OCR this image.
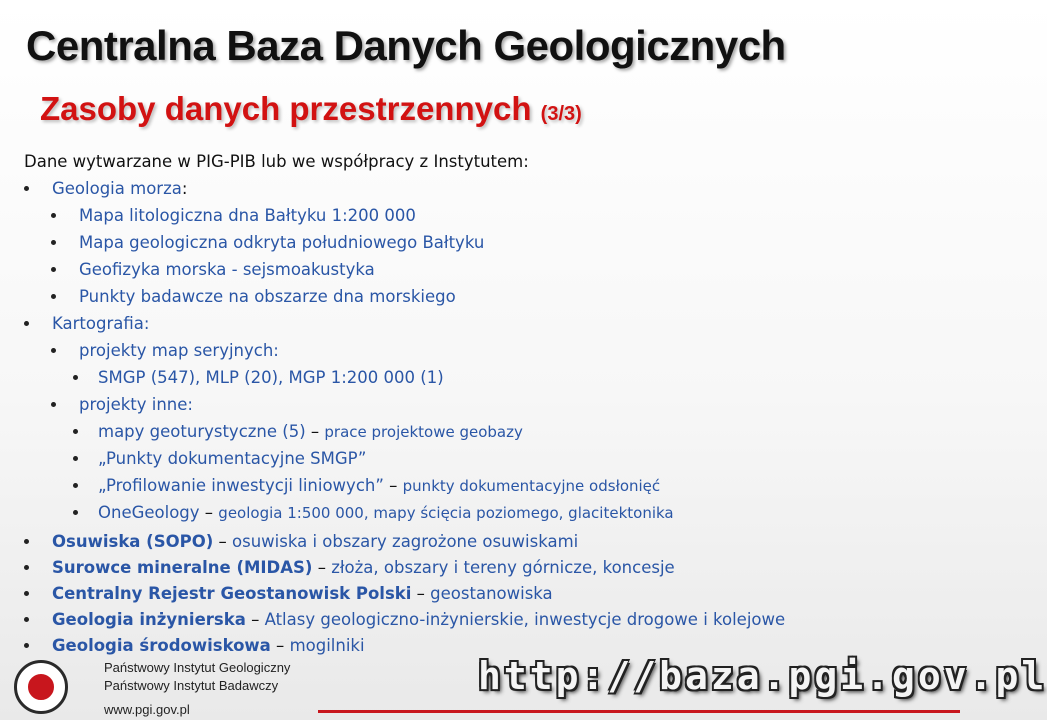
Centralna Baza Danych Geologicznych
Zasoby danych przestrzennych (3/3)
Dane wytwarzane w PIG-PIB lub we współpracy z Instytutem:
Geologia morza:
Mapa litologiczna dna Bałtyku 1:200 000
Mapa geologiczna odkryta południowego Bałtyku
Geofizyka morska - sejsmoakustyka
Punkty badawcze na obszarze dna morskiego
Kartografia:
projekty map seryjnych:
SMGP (547), MLP (20), MGP 1:200 000 (1)
projekty inne:
mapy geoturystyczne (5) – prace projektowe geobazy
„Punkty dokumentacyjne SMGP”
„Profilowanie inwestycji liniowych” – punkty dokumentacyjne odsłonięć
OneGeology – geologia 1:500 000, mapy ścięcia poziomego, glacitektonika
Osuwiska (SOPO) – osuwiska i obszary zagrożone osuwiskami
Surowce mineralne (MIDAS) – złoża, obszary i tereny górnicze, koncesje
Centralny Rejestr Geostanowisk Polski – geostanowiska
Geologia inżynierska – Atlasy geologiczno-inżynierskie, inwestycje drogowe i kolejowe
Geologia środowiskowa – mogilniki
Państwowy Instytut Geologiczny
Państwowy Instytut Badawczy
www.pgi.gov.pl
http://baza.pgi.gov.pl
